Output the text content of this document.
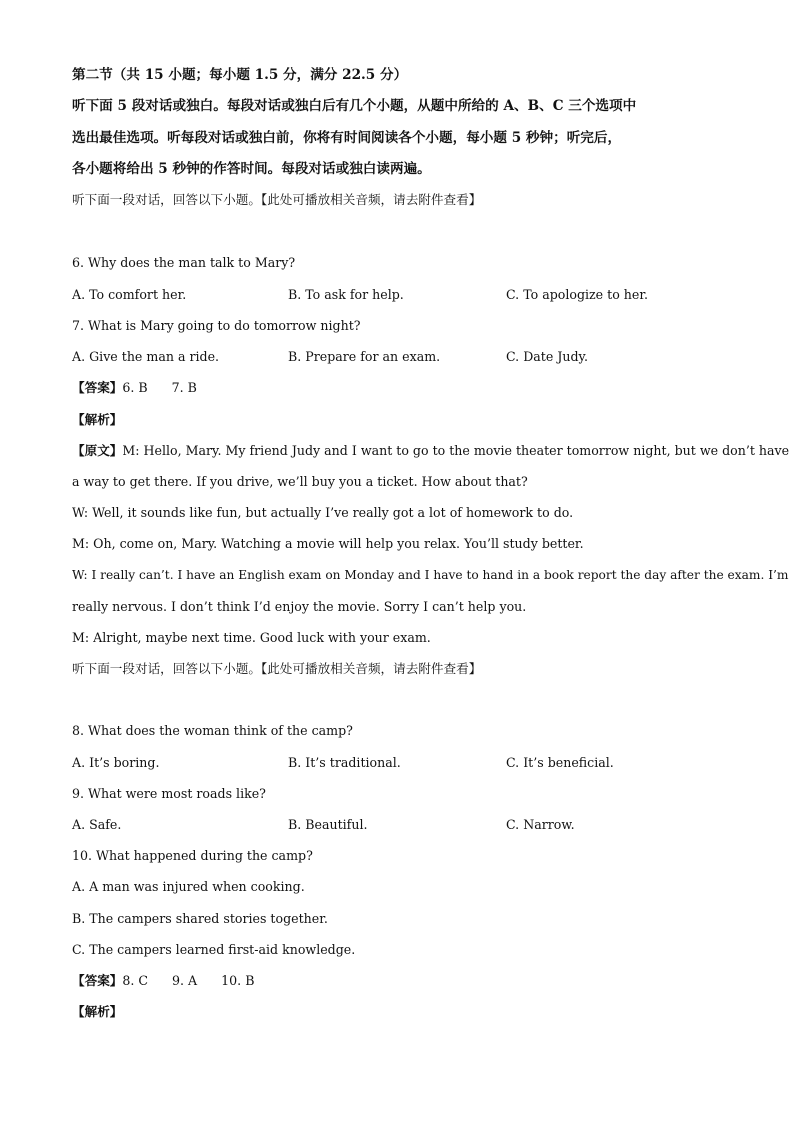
第二节（共 15 小题；每小题 1.5 分，满分 22.5 分）
听下面 5 段对话或独白。每段对话或独白后有几个小题，从题中所给的 A、B、C 三个选项中
选出最佳选项。听每段对话或独白前，你将有时间阅读各个小题，每小题 5 秒钟；听完后，
各小题将给出 5 秒钟的作答时间。每段对话或独白读两遍。
听下面一段对话，回答以下小题。【此处可播放相关音频，请去附件查看】
6. Why does the man talk to Mary?
A. To comfort her.	B. To ask for help.	C. To apologize to her.
7. What is Mary going to do tomorrow night?
A. Give the man a ride.	B. Prepare for an exam.	C. Date Judy.
【答案】6. B 7. B
【解析】
【原文】M: Hello, Mary. My friend Judy and I want to go to the movie theater tomorrow night, but we don’t have
a way to get there. If you drive, we’ll buy you a ticket. How about that?
W: Well, it sounds like fun, but actually I’ve really got a lot of homework to do.
M: Oh, come on, Mary. Watching a movie will help you relax. You’ll study better.
W: I really can’t. I have an English exam on Monday and I have to hand in a book report the day after the exam. I’m
really nervous. I don’t think I’d enjoy the movie. Sorry I can’t help you.
M: Alright, maybe next time. Good luck with your exam.
听下面一段对话，回答以下小题。【此处可播放相关音频，请去附件查看】
8. What does the woman think of the camp?
A. It’s boring.	B. It’s traditional.	C. It’s beneficial.
9. What were most roads like?
A. Safe.	B. Beautiful.	C. Narrow.
10. What happened during the camp?
A. A man was injured when cooking.
B. The campers shared stories together.
C. The campers learned first-aid knowledge.
【答案】8. C 9. A 10. B
【解析】
